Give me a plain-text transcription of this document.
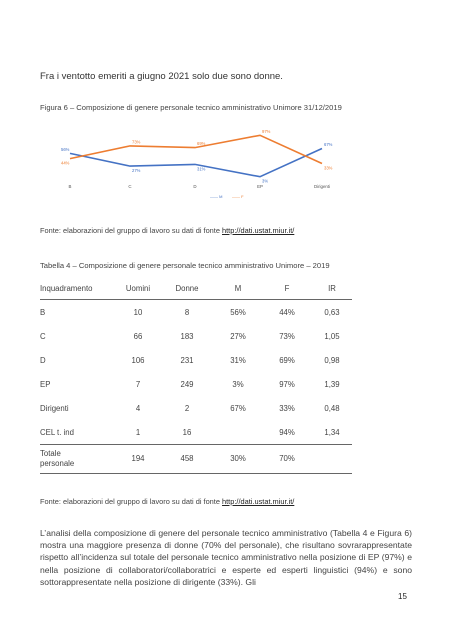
Fra i ventotto emeriti a giugno 2021 solo due sono donne.
Figura 6 – Composizione di genere personale tecnico amministrativo Unimore 31/12/2019
56%
27%	31%
3%
67%
44%
73%	69%
97%
33%
B	C	D	EP	Dirigenti
—— M —— F
Fonte: elaborazioni del gruppo di lavoro su dati di fonte http://dati.ustat.miur.it/
Tabella 4 – Composizione di genere personale tecnico amministrativo Unimore – 2019
Inquadramento	Uomini	Donne	M	F	IR
B	10	8	56%	44%	0,63
C	66	183	27%	73%	1,05
D	106	231	31%	69%	0,98
EP	7	249	3%	97%	1,39
Dirigenti	4	2	67%	33%	0,48
CEL t. ind	1	16		94%	1,34
Totale
personale	194	458	30%	70%	
Fonte: elaborazioni del gruppo di lavoro su dati di fonte http://dati.ustat.miur.it/
L’analisi della composizione di genere del personale tecnico amministrativo (Tabella 4 e Figura 6) mostra una maggiore presenza di donne (70% del personale), che risultano sovrarappresentate rispetto all’incidenza sul totale del personale tecnico amministrativo nella posizione di EP (97%) e nella posizione di collaboratori/collaboratrici e esperte ed esperti linguistici (94%) e sono sottorappresentate nella posizione di dirigente (33%). Gli
15
